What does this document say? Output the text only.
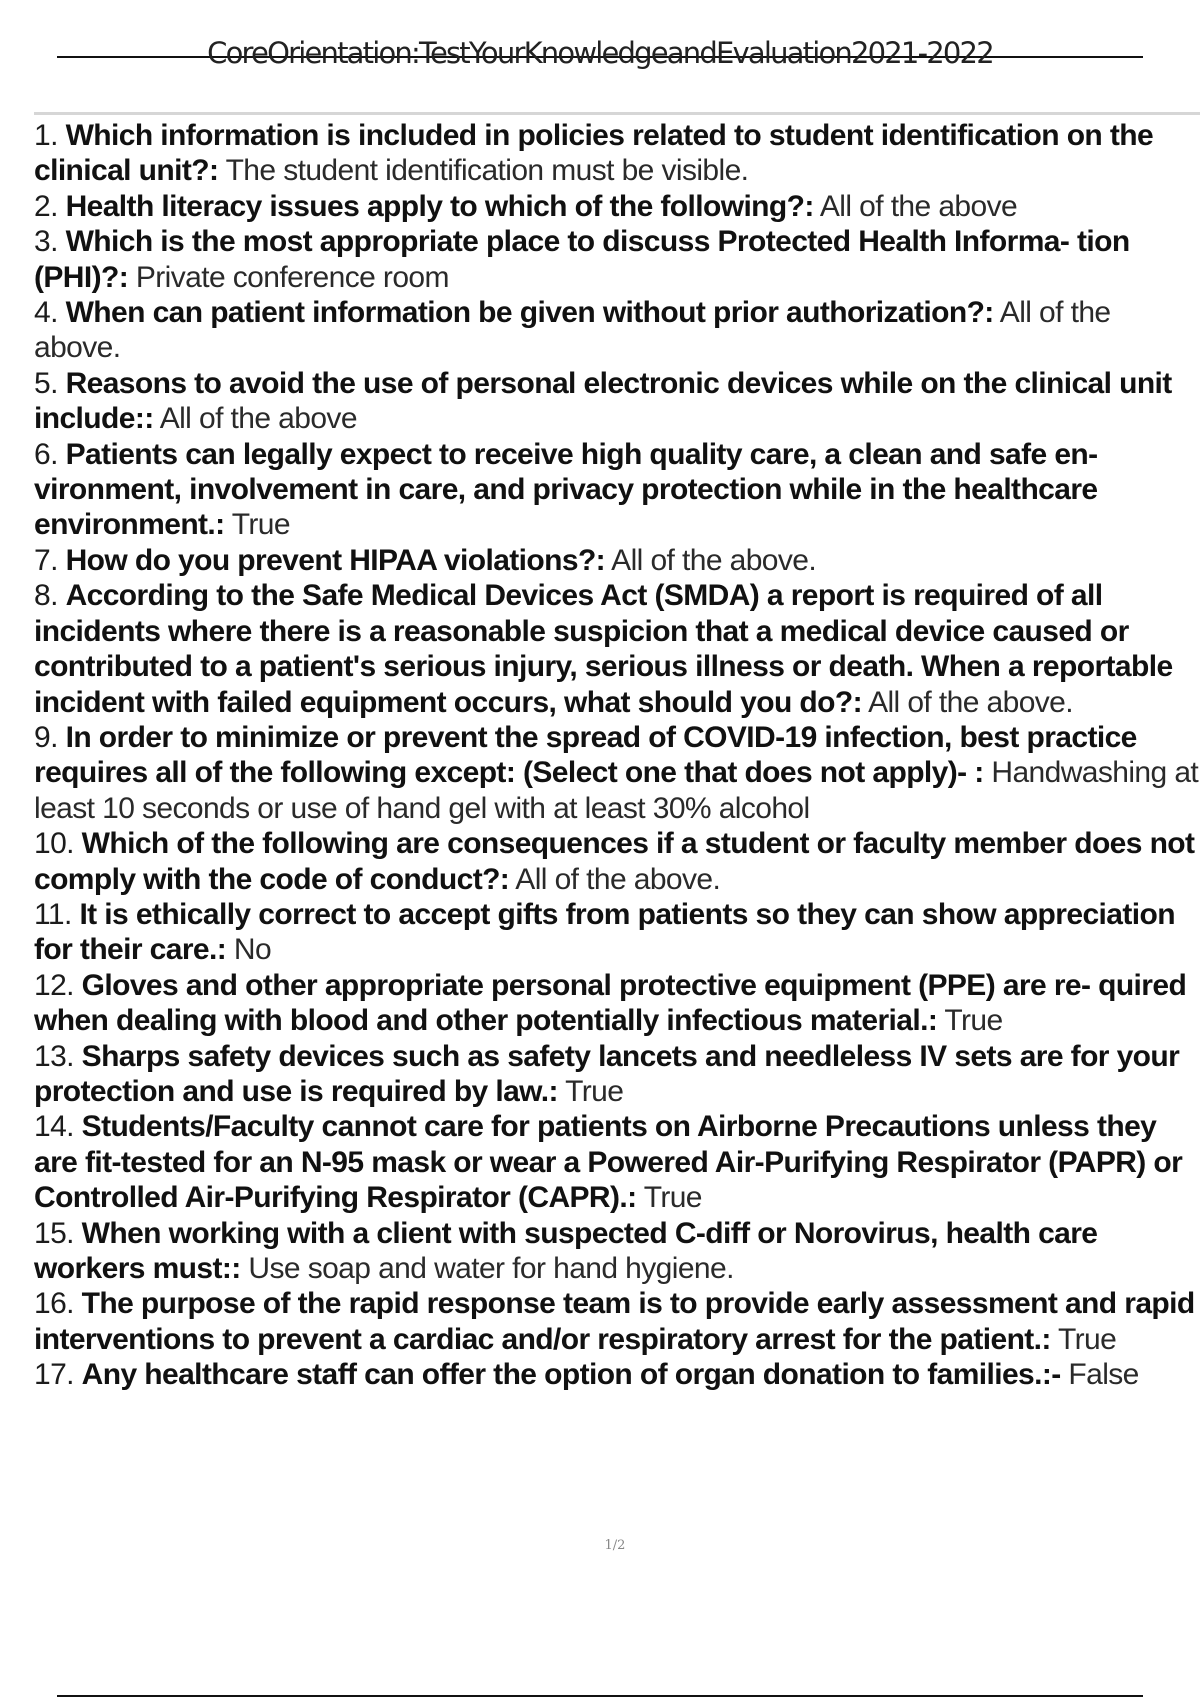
CoreOrientation:TestYourKnowledgeandEvaluation2021-2022

1. Which information is included in policies related to student identification on the clinical unit?: The student identification must be visible.

2. Health literacy issues apply to which of the following?: All of the above

3. Which is the most appropriate place to discuss Protected Health Informa- tion (PHI)?: Private conference room

4. When can patient information be given without prior authorization?: All of the above.

5. Reasons to avoid the use of personal electronic devices while on the clinical unit include:: All of the above

6. Patients can legally expect to receive high quality care, a clean and safe en- vironment, involvement in care, and privacy protection while in the healthcare environment.: True

7. How do you prevent HIPAA violations?: All of the above.

8. According to the Safe Medical Devices Act (SMDA) a report is required of all incidents where there is a reasonable suspicion that a medical device caused or contributed to a patient's serious injury, serious illness or death. When a reportable incident with failed equipment occurs, what should you do?: All of the above.

9. In order to minimize or prevent the spread of COVID-19 infection, best practice requires all of the following except: (Select one that does not apply)- : Handwashing at least 10 seconds or use of hand gel with at least 30% alcohol

10. Which of the following are consequences if a student or faculty member does not comply with the code of conduct?: All of the above.

11. It is ethically correct to accept gifts from patients so they can show appreciation for their care.: No

12. Gloves and other appropriate personal protective equipment (PPE) are re- quired when dealing with blood and other potentially infectious material.: True

13. Sharps safety devices such as safety lancets and needleless IV sets are for your protection and use is required by law.: True

14. Students/Faculty cannot care for patients on Airborne Precautions unless they are fit-tested for an N-95 mask or wear a Powered Air-Purifying Respirator (PAPR) or Controlled Air-Purifying Respirator (CAPR).: True

15. When working with a client with suspected C-diff or Norovirus, health care workers must:: Use soap and water for hand hygiene.

16. The purpose of the rapid response team is to provide early assessment and rapid interventions to prevent a cardiac and/or respiratory arrest for the patient.: True

17. Any healthcare staff can offer the option of organ donation to families.:- False

1/2
